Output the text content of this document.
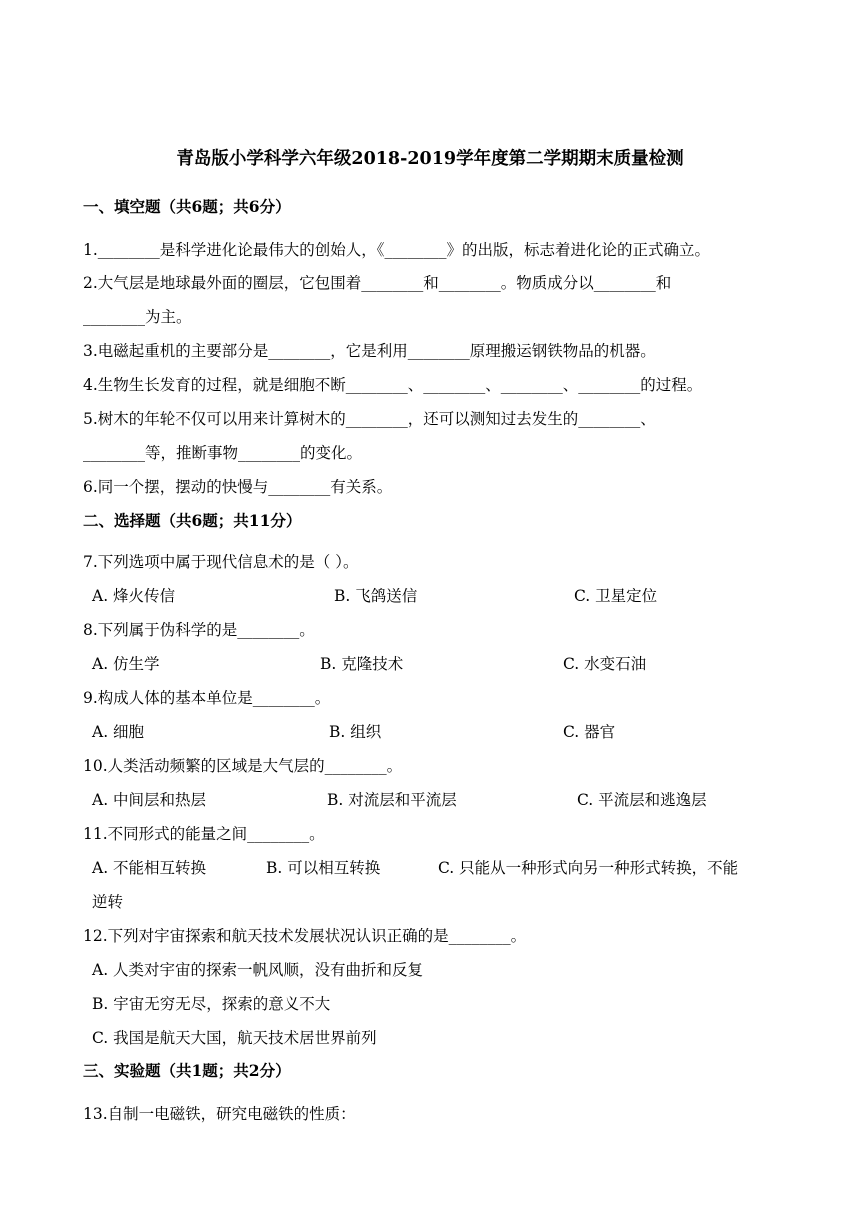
青岛版小学科学六年级2018-2019学年度第二学期期末质量检测
一、填空题（共6题；共6分）
1.________是科学进化论最伟大的创始人，《________》的出版，标志着进化论的正式确立。
2.大气层是地球最外面的圈层，它包围着________和________。物质成分以________和
________为主。
3.电磁起重机的主要部分是________，它是利用________原理搬运钢铁物品的机器。
4.生物生长发育的过程，就是细胞不断________、________、________、________的过程。
5.树木的年轮不仅可以用来计算树木的________，还可以测知过去发生的________、
________等，推断事物________的变化。
6.同一个摆，摆动的快慢与________有关系。
二、选择题（共6题；共11分）
7.下列选项中属于现代信息术的是（ ）。
A. 烽火传信	B. 飞鸽送信	C. 卫星定位
8.下列属于伪科学的是________。
A. 仿生学	B. 克隆技术	C. 水变石油
9.构成人体的基本单位是________。
A. 细胞	B. 组织	C. 器官
10.人类活动频繁的区域是大气层的________。
A. 中间层和热层	B. 对流层和平流层	C. 平流层和逃逸层
11.不同形式的能量之间________。
A. 不能相互转换	B. 可以相互转换	C. 只能从一种形式向另一种形式转换，不能
逆转
12.下列对宇宙探索和航天技术发展状况认识正确的是________。
A. 人类对宇宙的探索一帆风顺，没有曲折和反复
B. 宇宙无穷无尽，探索的意义不大
C. 我国是航天大国，航天技术居世界前列
三、实验题（共1题；共2分）
13.自制一电磁铁，研究电磁铁的性质：
